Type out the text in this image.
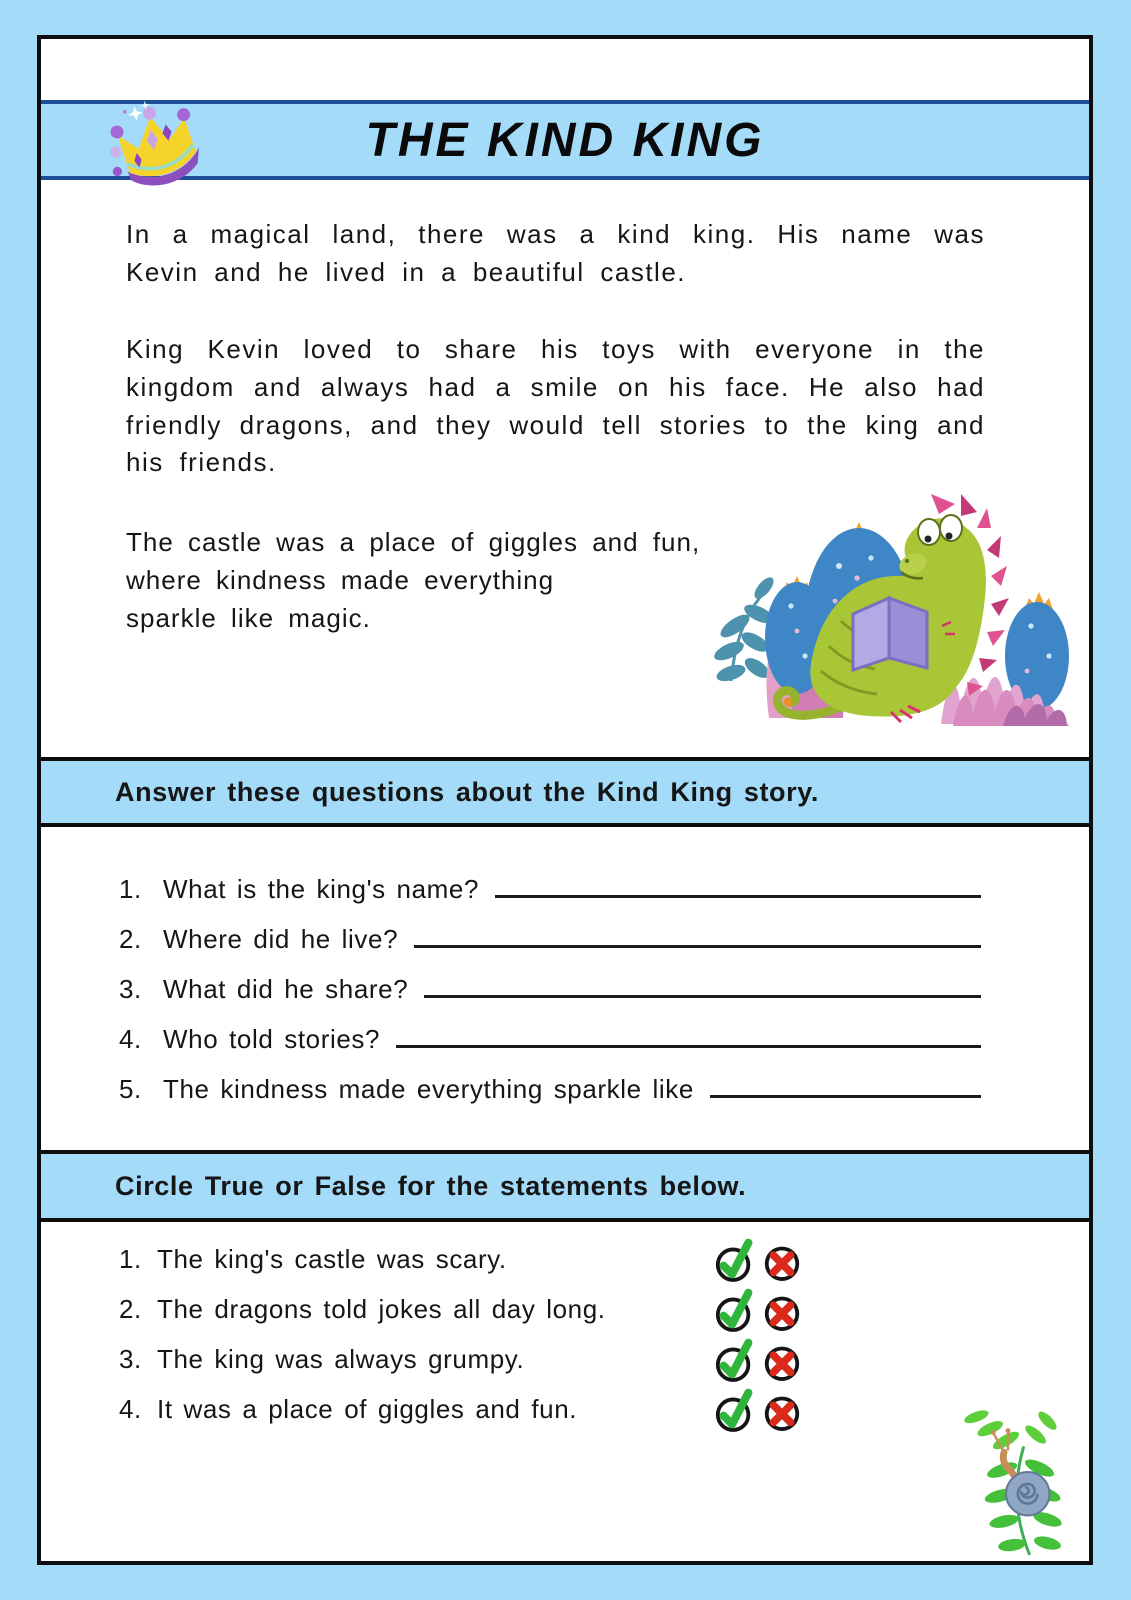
THE KIND KING

In a magical land, there was a kind king. His name was Kevin and he lived in a beautiful castle.

King Kevin loved to share his toys with everyone in the kingdom and always had a smile on his face. He also had friendly dragons, and they would tell stories to the king and his friends.

The castle was a place of giggles and fun,
where kindness made everything
sparkle like magic.
Answer these questions about the Kind King story.
1. What is the king's name?
2. Where did he live?
3. What did he share?
4. Who told stories?
5. The kindness made everything sparkle like
Circle True or False for the statements below.
1. The king's castle was scary.
2. The dragons told jokes all day long.
3. The king was always grumpy.
4. It was a place of giggles and fun.
